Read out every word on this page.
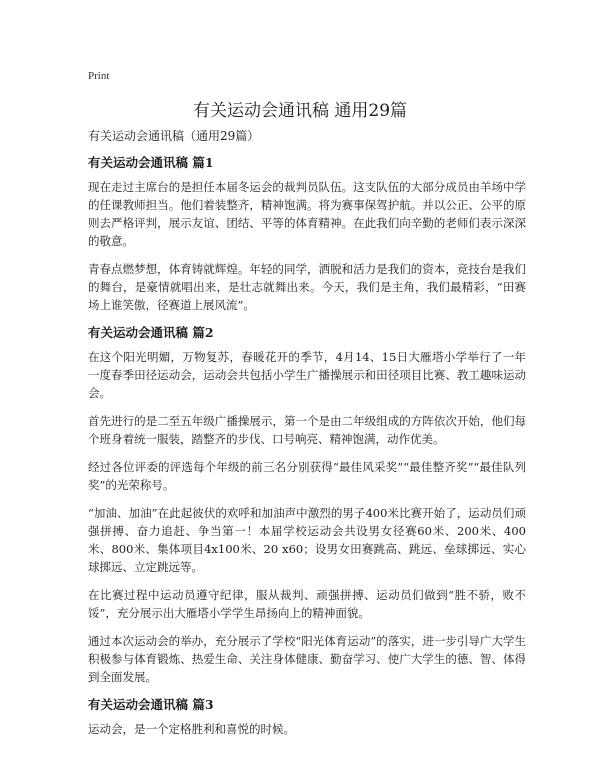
Print
有关运动会通讯稿 通用29篇

有关运动会通讯稿（通用29篇）

有关运动会通讯稿 篇1

现在走过主席台的是担任本届冬运会的裁判员队伍。这支队伍的大部分成员由羊场中学的任课教师担当。他们着装整齐，精神饱满。将为赛事保驾护航。并以公正、公平的原则去严格评判，展示友谊、团结、平等的体育精神。在此我们向辛勤的老师们表示深深的敬意。

青春点燃梦想，体育铸就辉煌。年轻的同学，洒脱和活力是我们的资本，竞技台是我们的舞台，是豪情就唱出来，是壮志就舞出来。今天，我们是主角，我们最精彩，“田赛场上谁笑傲，径赛道上展风流”。

有关运动会通讯稿 篇2

在这个阳光明媚，万物复苏，春暖花开的季节，4月14、15日大雁塔小学举行了一年一度春季田径运动会，运动会共包括小学生广播操展示和田径项目比赛、教工趣味运动会。

首先进行的是二至五年级广播操展示，第一个是由二年级组成的方阵依次开始，他们每个班身着统一服装，踏整齐的步伐、口号响亮、精神饱满，动作优美。

经过各位评委的评选每个年级的前三名分别获得“最佳风采奖”“最佳整齐奖”“最佳队列奖”的光荣称号。

“加油、加油”在此起彼伏的欢呼和加油声中激烈的男子400米比赛开始了，运动员们顽强拼搏、奋力追赶、争当第一！本届学校运动会共设男女径赛60米、200米、400米、800米、集体项目4x100米、20 x60；设男女田赛跳高、跳远、垒球掷远、实心球掷远、立定跳远等。

在比赛过程中运动员遵守纪律，服从裁判、顽强拼搏、运动员们做到“胜不骄，败不馁”，充分展示出大雁塔小学学生昂扬向上的精神面貌。

通过本次运动会的举办，充分展示了学校“阳光体育运动”的落实，进一步引导广大学生积极参与体育锻炼、热爱生命、关注身体健康、勤奋学习、使广大学生的德、智、体得到全面发展。

有关运动会通讯稿 篇3

运动会，是一个定格胜利和喜悦的时候。
